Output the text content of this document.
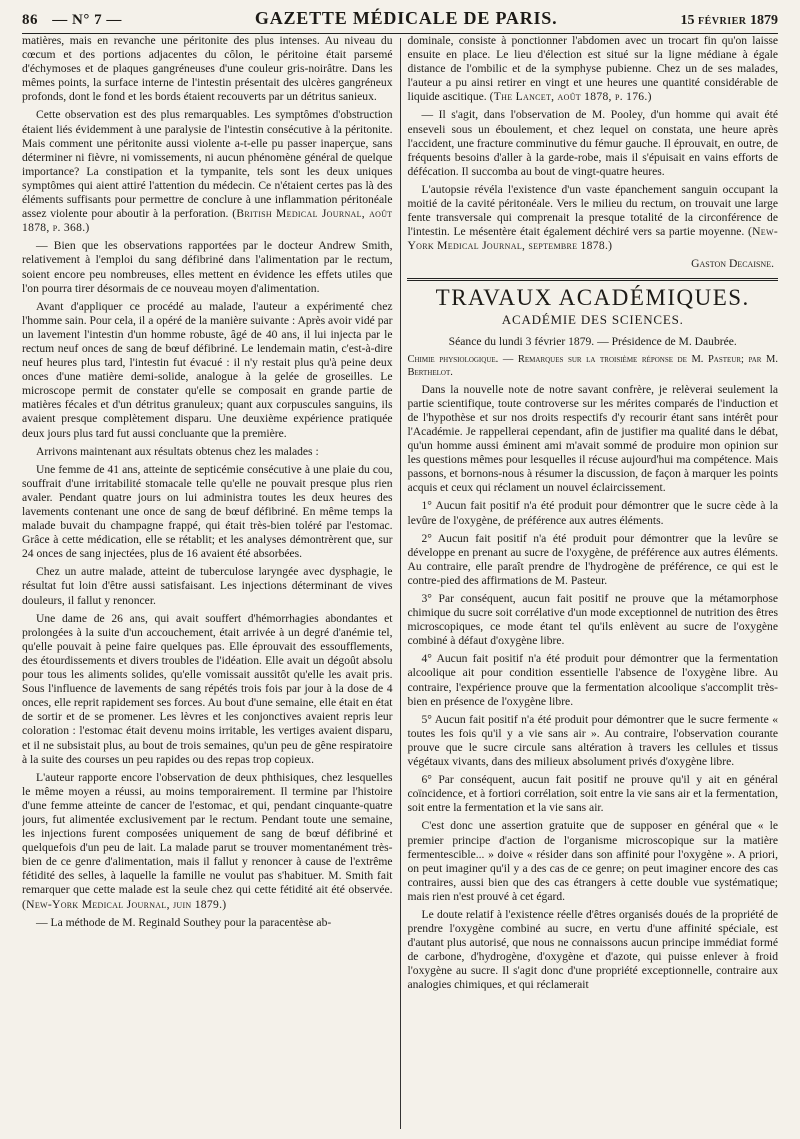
86 — N° 7 —	GAZETTE MÉDICALE DE PARIS.	15 FÉVRIER 1879

matières, mais en revanche une péritonite des plus intenses. Au niveau du cœcum et des portions adjacentes du côlon, le péritoine était parsemé d'échymoses et de plaques gangréneuses d'une couleur gris-noirâtre. Dans les mêmes points, la surface interne de l'intestin présentait des ulcères gangréneux profonds, dont le fond et les bords étaient recouverts par un détritus sanieux.

Cette observation est des plus remarquables. Les symptômes d'obstruction étaient liés évidemment à une paralysie de l'intestin consécutive à la péritonite. Mais comment une péritonite aussi violente a-t-elle pu passer inaperçue, sans déterminer ni fièvre, ni vomissements, ni aucun phénomène général de quelque importance? La constipation et la tympanite, tels sont les deux uniques symptômes qui aient attiré l'attention du médecin. Ce n'étaient certes pas là des éléments suffisants pour permettre de conclure à une inflammation péritonéale assez violente pour aboutir à la perforation. (British Medical Journal, août 1878, p. 368.)

— Bien que les observations rapportées par le docteur Andrew Smith, relativement à l'emploi du sang défibriné dans l'alimentation par le rectum, soient encore peu nombreuses, elles mettent en évidence les effets utiles que l'on pourra tirer désormais de ce nouveau moyen d'alimentation.

Avant d'appliquer ce procédé au malade, l'auteur a expérimenté chez l'homme sain. Pour cela, il a opéré de la manière suivante : Après avoir vidé par un lavement l'intestin d'un homme robuste, âgé de 40 ans, il lui injecta par le rectum neuf onces de sang de bœuf défibriné. Le lendemain matin, c'est-à-dire neuf heures plus tard, l'intestin fut évacué : il n'y restait plus qu'à peine deux onces d'une matière demi-solide, analogue à la gelée de groseilles. Le microscope permit de constater qu'elle se composait en grande partie de matières fécales et d'un détritus granuleux; quant aux corpuscules sanguins, ils avaient presque complètement disparu. Une deuxième expérience pratiquée deux jours plus tard fut aussi concluante que la première.

Arrivons maintenant aux résultats obtenus chez les malades :

Une femme de 41 ans, atteinte de septicémie consécutive à une plaie du cou, souffrait d'une irritabilité stomacale telle qu'elle ne pouvait presque plus rien avaler. Pendant quatre jours on lui administra toutes les deux heures des lavements contenant une once de sang de bœuf défibriné. En même temps la malade buvait du champagne frappé, qui était très-bien toléré par l'estomac. Grâce à cette médication, elle se rétablit; et les analyses démontrèrent que, sur 24 onces de sang injectées, plus de 16 avaient été absorbées.

Chez un autre malade, atteint de tuberculose laryngée avec dysphagie, le résultat fut loin d'être aussi satisfaisant. Les injections déterminant de vives douleurs, il fallut y renoncer.

Une dame de 26 ans, qui avait souffert d'hémorrhagies abondantes et prolongées à la suite d'un accouchement, était arrivée à un degré d'anémie tel, qu'elle pouvait à peine faire quelques pas. Elle éprouvait des essoufflements, des étourdissements et divers troubles de l'idéation. Elle avait un dégoût absolu pour tous les aliments solides, qu'elle vomissait aussitôt qu'elle les avait pris. Sous l'influence de lavements de sang répétés trois fois par jour à la dose de 4 onces, elle reprit rapidement ses forces. Au bout d'une semaine, elle était en état de sortir et de se promener. Les lèvres et les conjonctives avaient repris leur coloration : l'estomac était devenu moins irritable, les vertiges avaient disparu, et il ne subsistait plus, au bout de trois semaines, qu'un peu de gêne respiratoire à la suite des courses un peu rapides ou des repas trop copieux.

L'auteur rapporte encore l'observation de deux phthisiques, chez lesquelles le même moyen a réussi, au moins temporairement. Il termine par l'histoire d'une femme atteinte de cancer de l'estomac, et qui, pendant cinquante-quatre jours, fut alimentée exclusivement par le rectum. Pendant toute une semaine, les injections furent composées uniquement de sang de bœuf défibriné et quelquefois d'un peu de lait. La malade parut se trouver momentanément très-bien de ce genre d'alimentation, mais il fallut y renoncer à cause de l'extrême fétidité des selles, à laquelle la famille ne voulut pas s'habituer. M. Smith fait remarquer que cette malade est la seule chez qui cette fétidité ait été observée. (New-York Medical Journal, juin 1879.)

— La méthode de M. Reginald Southey pour la paracentèse ab-

dominale, consiste à ponctionner l'abdomen avec un trocart fin qu'on laisse ensuite en place. Le lieu d'élection est situé sur la ligne médiane à égale distance de l'ombilic et de la symphyse pubienne. Chez un de ses malades, l'auteur a pu ainsi retirer en vingt et une heures une quantité considérable de liquide ascitique. (The Lancet, août 1878, p. 176.)

— Il s'agit, dans l'observation de M. Pooley, d'un homme qui avait été enseveli sous un éboulement, et chez lequel on constata, une heure après l'accident, une fracture comminutive du fémur gauche. Il éprouvait, en outre, de fréquents besoins d'aller à la garde-robe, mais il s'épuisait en vains efforts de défécation. Il succomba au bout de vingt-quatre heures.

L'autopsie révéla l'existence d'un vaste épanchement sanguin occupant la moitié de la cavité péritonéale. Vers le milieu du rectum, on trouvait une large fente transversale qui comprenait la presque totalité de la circonférence de l'intestin. Le mésentère était également déchiré vers sa partie moyenne. (New-York Medical Journal, septembre 1878.)

Gaston Decaisne.
TRAVAUX ACADÉMIQUES.
ACADÉMIE DES SCIENCES.

Séance du lundi 3 février 1879. — Présidence de M. Daubrée.

Chimie physiologique. — Remarques sur la troisième réponse de M. Pasteur; par M. Berthelot.

Dans la nouvelle note de notre savant confrère, je relèverai seulement la partie scientifique, toute controverse sur les mérites comparés de l'induction et de l'hypothèse et sur nos droits respectifs d'y recourir étant sans intérêt pour l'Académie. Je rappellerai cependant, afin de justifier ma qualité dans le débat, qu'un homme aussi éminent ami m'avait sommé de produire mon opinion sur les questions mêmes pour lesquelles il récuse aujourd'hui ma compétence. Mais passons, et bornons-nous à résumer la discussion, de façon à marquer les points acquis et ceux qui réclament un nouvel éclaircissement.

1° Aucun fait positif n'a été produit pour démontrer que le sucre cède à la levûre de l'oxygène, de préférence aux autres éléments.

2° Aucun fait positif n'a été produit pour démontrer que la levûre se développe en prenant au sucre de l'oxygène, de préférence aux autres éléments. Au contraire, elle paraît prendre de l'hydrogène de préférence, ce qui est le contre-pied des affirmations de M. Pasteur.

3° Par conséquent, aucun fait positif ne prouve que la métamorphose chimique du sucre soit corrélative d'un mode exceptionnel de nutrition des êtres microscopiques, ce mode étant tel qu'ils enlèvent au sucre de l'oxygène combiné à défaut d'oxygène libre.

4° Aucun fait positif n'a été produit pour démontrer que la fermentation alcoolique ait pour condition essentielle l'absence de l'oxygène libre. Au contraire, l'expérience prouve que la fermentation alcoolique s'accomplit très-bien en présence de l'oxygène libre.

5° Aucun fait positif n'a été produit pour démontrer que le sucre fermente « toutes les fois qu'il y a vie sans air ». Au contraire, l'observation courante prouve que le sucre circule sans altération à travers les cellules et tissus végétaux vivants, dans des milieux absolument privés d'oxygène libre.

6° Par conséquent, aucun fait positif ne prouve qu'il y ait en général coïncidence, et à fortiori corrélation, soit entre la vie sans air et la fermentation, soit entre la fermentation et la vie sans air.

C'est donc une assertion gratuite que de supposer en général que « le premier principe d'action de l'organisme microscopique sur la matière fermentescible... » doive « résider dans son affinité pour l'oxygène ». A priori, on peut imaginer qu'il y a des cas de ce genre; on peut imaginer encore des cas contraires, aussi bien que des cas étrangers à cette double vue systématique; mais rien n'est prouvé à cet égard.

Le doute relatif à l'existence réelle d'êtres organisés doués de la propriété de prendre l'oxygène combiné au sucre, en vertu d'une affinité spéciale, est d'autant plus autorisé, que nous ne connaissons aucun principe immédiat formé de carbone, d'hydrogène, d'oxygène et d'azote, qui puisse enlever à froid l'oxygène au sucre. Il s'agit donc d'une propriété exceptionnelle, contraire aux analogies chimiques, et qui réclamerait
